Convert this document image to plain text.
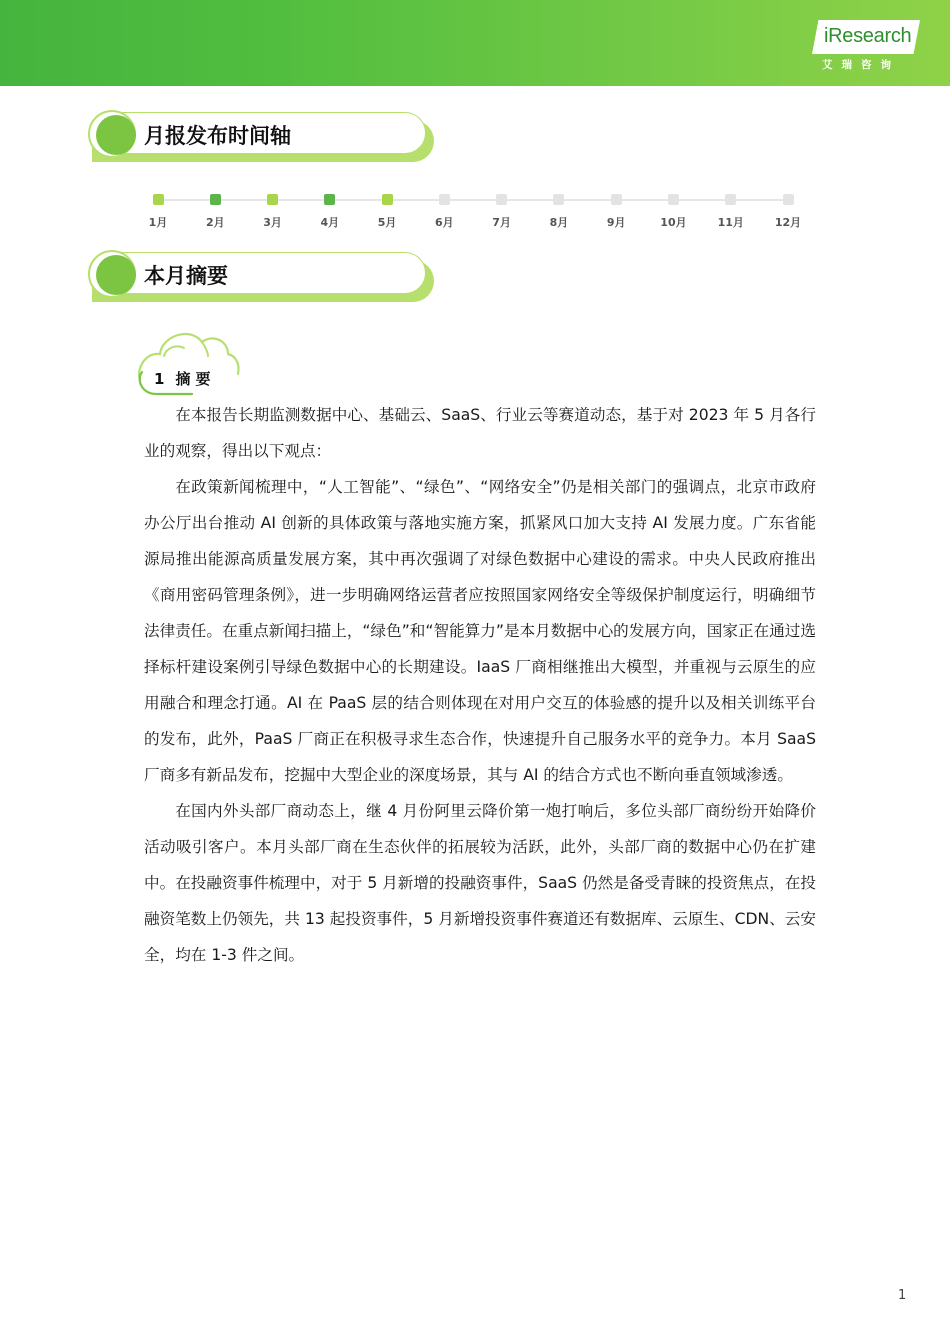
iResearch
艾瑞咨询
月报发布时间轴
1月	2月	3月	4月	5月	6月	7月	8月	9月	10月	11月	12月
本月摘要
1 摘要

在本报告长期监测数据中心、基础云、SaaS、行业云等赛道动态，基于对 2023 年 5 月各行业的观察，得出以下观点：

在政策新闻梳理中，“人工智能”、“绿色”、“网络安全”仍是相关部门的强调点，北京市政府办公厅出台推动 AI 创新的具体政策与落地实施方案，抓紧风口加大支持 AI 发展力度。广东省能源局推出能源高质量发展方案，其中再次强调了对绿色数据中心建设的需求。中央人民政府推出《商用密码管理条例》，进一步明确网络运营者应按照国家网络安全等级保护制度运行，明确细节法律责任。在重点新闻扫描上，“绿色”和“智能算力”是本月数据中心的发展方向，国家正在通过选择标杆建设案例引导绿色数据中心的长期建设。IaaS 厂商相继推出大模型，并重视与云原生的应用融合和理念打通。AI 在 PaaS 层的结合则体现在对用户交互的体验感的提升以及相关训练平台的发布，此外，PaaS 厂商正在积极寻求生态合作，快速提升自己服务水平的竞争力。本月 SaaS 厂商多有新品发布，挖掘中大型企业的深度场景，其与 AI 的结合方式也不断向垂直领域渗透。

在国内外头部厂商动态上，继 4 月份阿里云降价第一炮打响后，多位头部厂商纷纷开始降价活动吸引客户。本月头部厂商在生态伙伴的拓展较为活跃，此外，头部厂商的数据中心仍在扩建中。在投融资事件梳理中，对于 5 月新增的投融资事件，SaaS 仍然是备受青睐的投资焦点，在投融资笔数上仍领先，共 13 起投资事件，5 月新增投资事件赛道还有数据库、云原生、CDN、云安全，均在 1-3 件之间。

1
